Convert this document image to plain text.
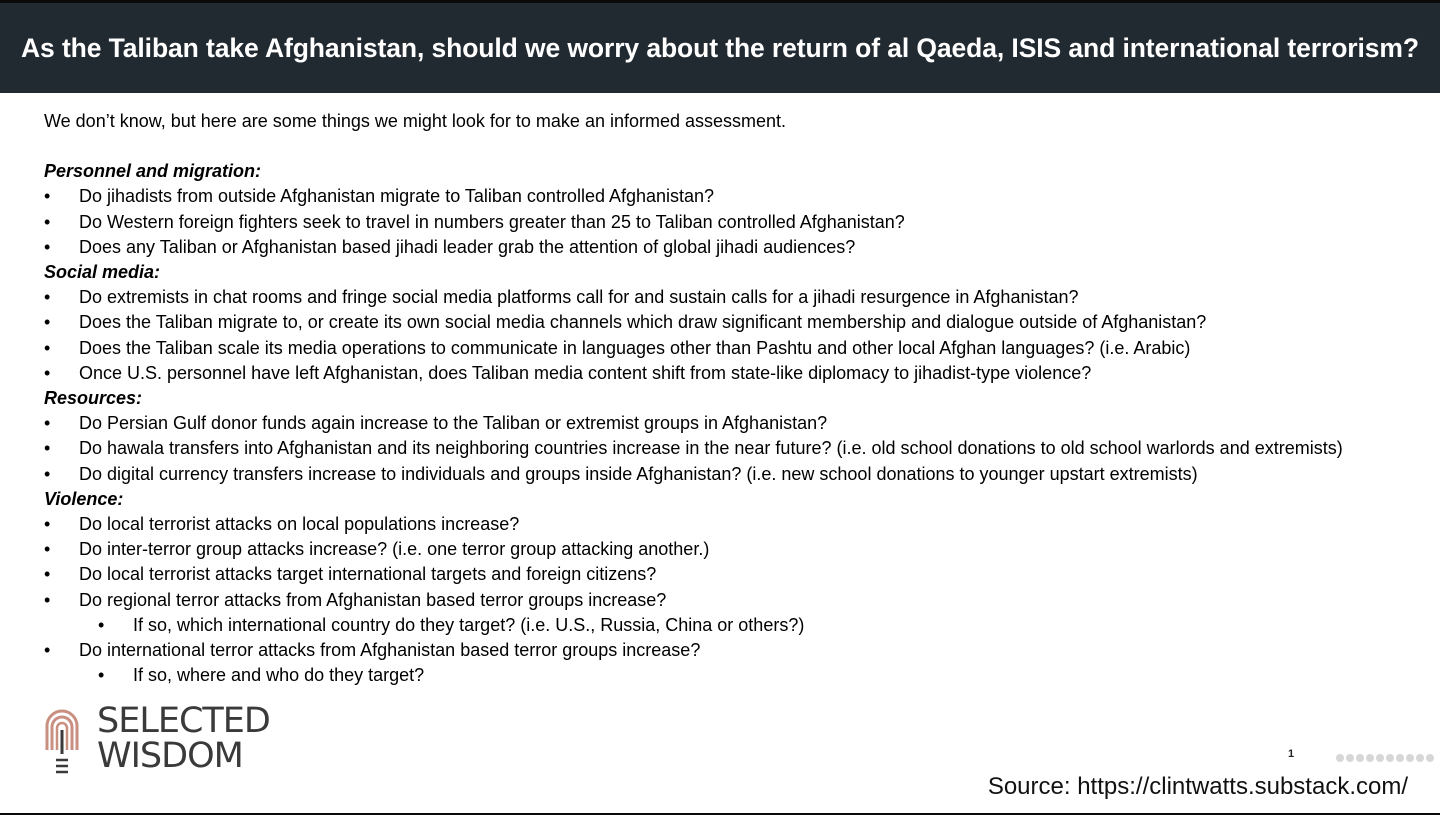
As the Taliban take Afghanistan, should we worry about the return of al Qaeda, ISIS and international terrorism?

We don’t know, but here are some things we might look for to make an informed assessment.

Personnel and migration:

• Do jihadists from outside Afghanistan migrate to Taliban controlled Afghanistan?
• Do Western foreign fighters seek to travel in numbers greater than 25 to Taliban controlled Afghanistan?
• Does any Taliban or Afghanistan based jihadi leader grab the attention of global jihadi audiences?

Social media:

• Do extremists in chat rooms and fringe social media platforms call for and sustain calls for a jihadi resurgence in Afghanistan?
• Does the Taliban migrate to, or create its own social media channels which draw significant membership and dialogue outside of Afghanistan?
• Does the Taliban scale its media operations to communicate in languages other than Pashtu and other local Afghan languages? (i.e. Arabic)
• Once U.S. personnel have left Afghanistan, does Taliban media content shift from state-like diplomacy to jihadist-type violence?

Resources:

• Do Persian Gulf donor funds again increase to the Taliban or extremist groups in Afghanistan?
• Do hawala transfers into Afghanistan and its neighboring countries increase in the near future? (i.e. old school donations to old school warlords and extremists)
• Do digital currency transfers increase to individuals and groups inside Afghanistan? (i.e. new school donations to younger upstart extremists)

Violence:

• Do local terrorist attacks on local populations increase?
• Do inter-terror group attacks increase? (i.e. one terror group attacking another.)
• Do local terrorist attacks target international targets and foreign citizens?
• Do regional terror attacks from Afghanistan based terror groups increase?
• If so, which international country do they target? (i.e. U.S., Russia, China or others?)
• Do international terror attacks from Afghanistan based terror groups increase?
• If so, where and who do they target?
SELECTED
WISDOM	1
Source: https://clintwatts.substack.com/
